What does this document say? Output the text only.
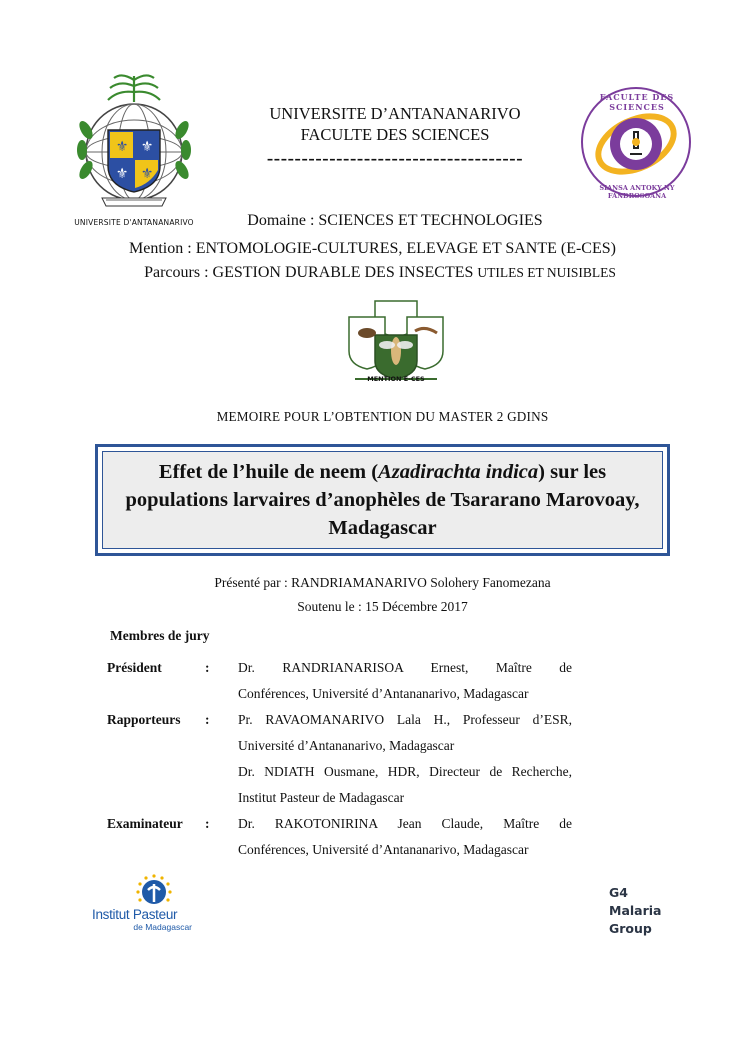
⚜ ⚜
⚜ ⚜
UNIVERSITE D'ANTANANARIVO
FACULTE DES SCIENCES
SIANSA ANTOKY NY FANDROSOANA
UNIVERSITE D’ANTANANARIVO
FACULTE DES SCIENCES
-------------------------------------
Domaine : SCIENCES ET TECHNOLOGIES
Mention : ENTOMOLOGIE-CULTURES, ELEVAGE ET SANTE (E-CES)
Parcours : GESTION DURABLE DES INSECTES UTILES ET NUISIBLES
MENTION E-CES
MEMOIRE POUR L’OBTENTION DU MASTER 2 GDINS
Effet de l’huile de neem (Azadirachta indica) sur les populations larvaires d’anophèles de Tsararano Marovoay, Madagascar
Présenté par : RANDRIAMANARIVO Solohery Fanomezana
Soutenu le : 15 Décembre 2017
Membres de jury
Président	:	Dr. RANDRIANARISOA Ernest, Maître de
Conférences, Université d’Antananarivo, Madagascar
Rapporteurs	:	Pr. RAVAOMANARIVO Lala H., Professeur d’ESR,
Université d’Antananarivo, Madagascar
Dr. NDIATH Ousmane, HDR, Directeur de Recherche,
Institut Pasteur de Madagascar
Examinateur	:	Dr. RAKOTONIRINA Jean Claude, Maître de
Conférences, Université d’Antananarivo, Madagascar
Institut Pasteur
de Madagascar
G4
Malaria
Group
